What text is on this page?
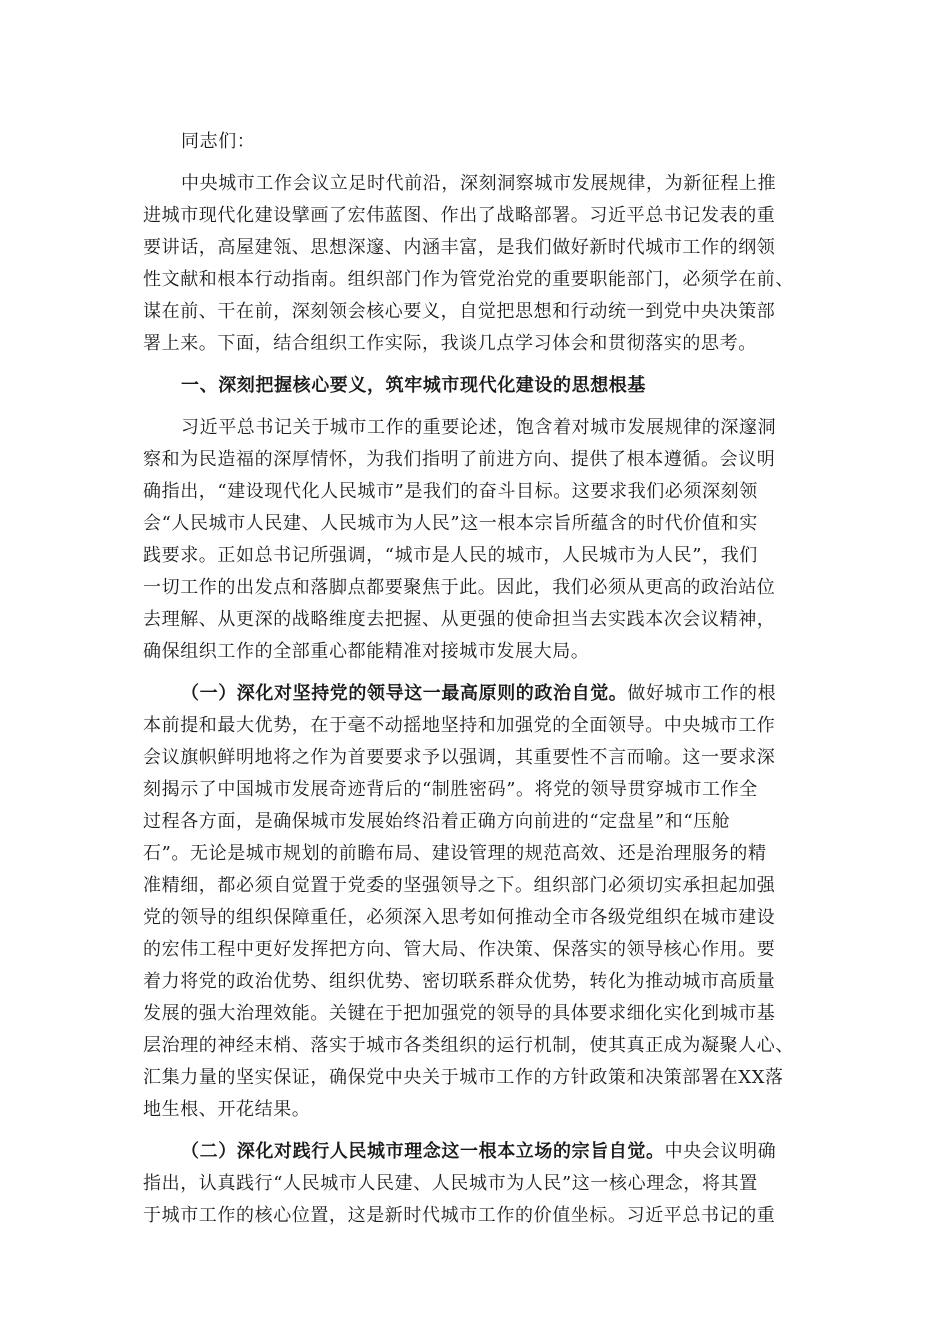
同志们：
中央城市工作会议立足时代前沿，深刻洞察城市发展规律，为新征程上推
进城市现代化建设擘画了宏伟蓝图、作出了战略部署。习近平总书记发表的重
要讲话，高屋建瓴、思想深邃、内涵丰富，是我们做好新时代城市工作的纲领
性文献和根本行动指南。组织部门作为管党治党的重要职能部门，必须学在前、
谋在前、干在前，深刻领会核心要义，自觉把思想和行动统一到党中央决策部
署上来。下面，结合组织工作实际，我谈几点学习体会和贯彻落实的思考。
一、深刻把握核心要义，筑牢城市现代化建设的思想根基
习近平总书记关于城市工作的重要论述，饱含着对城市发展规律的深邃洞
察和为民造福的深厚情怀，为我们指明了前进方向、提供了根本遵循。会议明
确指出，“建设现代化人民城市”是我们的奋斗目标。这要求我们必须深刻领
会“人民城市人民建、人民城市为人民”这一根本宗旨所蕴含的时代价值和实
践要求。正如总书记所强调，“城市是人民的城市，人民城市为人民”，我们
一切工作的出发点和落脚点都要聚焦于此。因此，我们必须从更高的政治站位
去理解、从更深的战略维度去把握、从更强的使命担当去实践本次会议精神，
确保组织工作的全部重心都能精准对接城市发展大局。
（一）深化对坚持党的领导这一最高原则的政治自觉。做好城市工作的根
本前提和最大优势，在于毫不动摇地坚持和加强党的全面领导。中央城市工作
会议旗帜鲜明地将之作为首要要求予以强调，其重要性不言而喻。这一要求深
刻揭示了中国城市发展奇迹背后的“制胜密码”。将党的领导贯穿城市工作全
过程各方面，是确保城市发展始终沿着正确方向前进的“定盘星”和“压舱
石”。无论是城市规划的前瞻布局、建设管理的规范高效、还是治理服务的精
准精细，都必须自觉置于党委的坚强领导之下。组织部门必须切实承担起加强
党的领导的组织保障重任，必须深入思考如何推动全市各级党组织在城市建设
的宏伟工程中更好发挥把方向、管大局、作决策、保落实的领导核心作用。要
着力将党的政治优势、组织优势、密切联系群众优势，转化为推动城市高质量
发展的强大治理效能。关键在于把加强党的领导的具体要求细化实化到城市基
层治理的神经末梢、落实于城市各类组织的运行机制，使其真正成为凝聚人心、
汇集力量的坚实保证，确保党中央关于城市工作的方针政策和决策部署在XX落
地生根、开花结果。
（二）深化对践行人民城市理念这一根本立场的宗旨自觉。中央会议明确
指出，认真践行“人民城市人民建、人民城市为人民”这一核心理念，将其置
于城市工作的核心位置，这是新时代城市工作的价值坐标。习近平总书记的重
